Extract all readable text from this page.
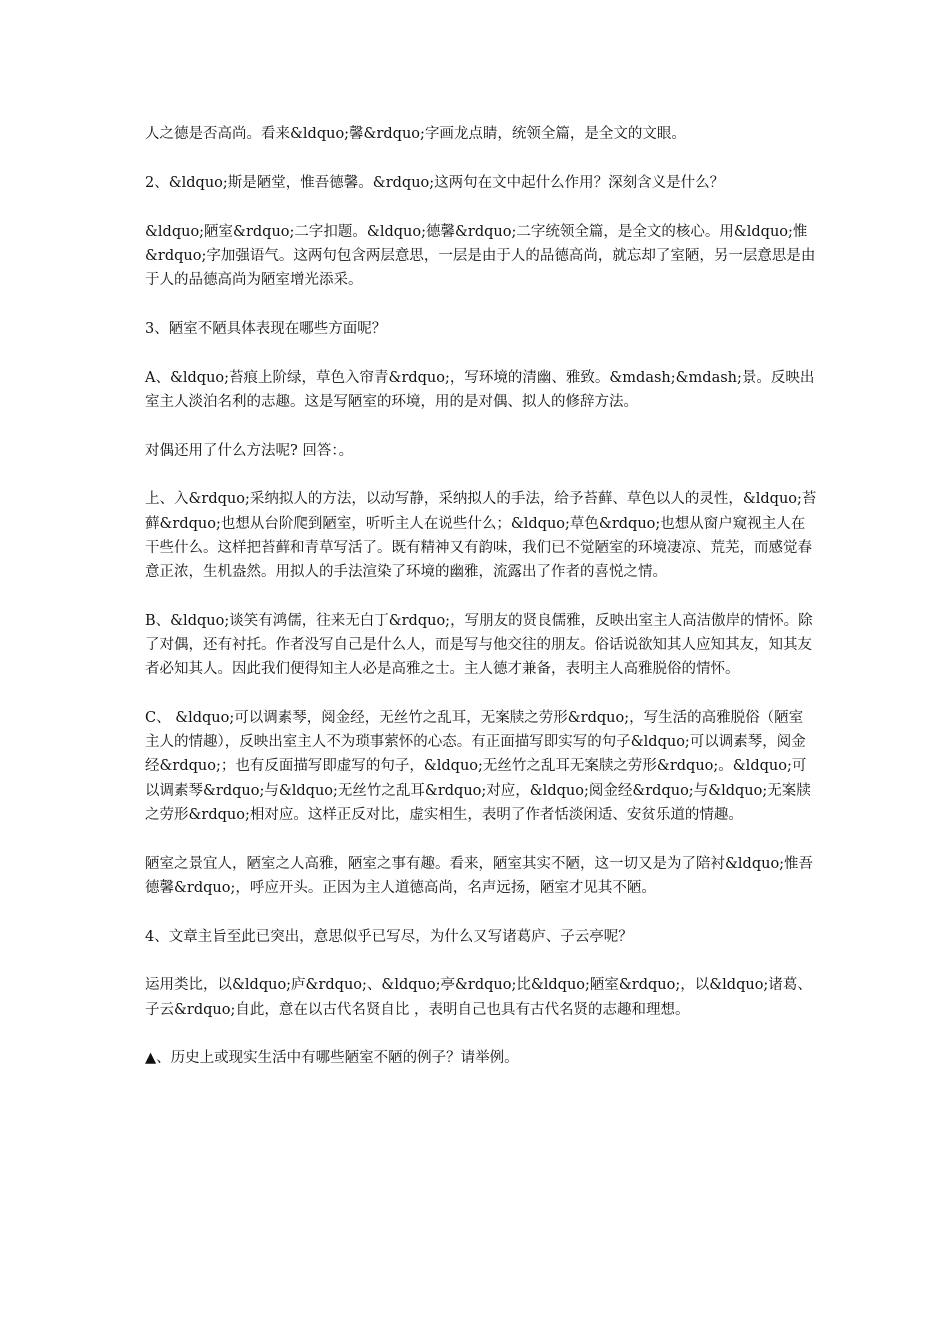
人之德是否高尚。看来&ldquo;馨&rdquo;字画龙点睛，统领全篇，是全文的文眼。

2、&ldquo;斯是陋堂，惟吾德馨。&rdquo;这两句在文中起什么作用？深刻含义是什么？

&ldquo;陋室&rdquo;二字扣题。&ldquo;德馨&rdquo;二字统领全篇，是全文的核心。用&ldquo;惟&rdquo;字加强语气。这两句包含两层意思，一层是由于人的品德高尚，就忘却了室陋，另一层意思是由于人的品德高尚为陋室增光添采。

3、陋室不陋具体表现在哪些方面呢？

A、&ldquo;苔痕上阶绿，草色入帘青&rdquo;，写环境的清幽、雅致。&mdash;&mdash;景。反映出室主人淡泊名利的志趣。这是写陋室的环境，用的是对偶、拟人的修辞方法。

对偶还用了什么方法呢? 回答：。

上、入&rdquo;采纳拟人的方法，以动写静，采纳拟人的手法，给予苔藓、草色以人的灵性，&ldquo;苔藓&rdquo;也想从台阶爬到陋室，听听主人在说些什么；&ldquo;草色&rdquo;也想从窗户窥视主人在干些什么。这样把苔藓和青草写活了。既有精神又有韵味，我们已不觉陋室的环境凄凉、荒芜，而感觉春意正浓，生机盎然。用拟人的手法渲染了环境的幽雅，流露出了作者的喜悦之情。

B、&ldquo;谈笑有鸿儒，往来无白丁&rdquo;，写朋友的贤良儒雅，反映出室主人高洁傲岸的情怀。除了对偶，还有衬托。作者没写自己是什么人，而是写与他交往的朋友。俗话说欲知其人应知其友，知其友者必知其人。因此我们便得知主人必是高雅之士。主人德才兼备，表明主人高雅脱俗的情怀。

C、 &ldquo;可以调素琴，阅金经，无丝竹之乱耳，无案牍之劳形&rdquo;，写生活的高雅脱俗（陋室主人的情趣），反映出室主人不为琐事萦怀的心态。有正面描写即实写的句子&ldquo;可以调素琴，阅金经&rdquo;；也有反面描写即虚写的句子，&ldquo;无丝竹之乱耳无案牍之劳形&rdquo;。&ldquo;可以调素琴&rdquo;与&ldquo;无丝竹之乱耳&rdquo;对应，&ldquo;阅金经&rdquo;与&ldquo;无案牍之劳形&rdquo;相对应。这样正反对比，虚实相生，表明了作者恬淡闲适、安贫乐道的情趣。

陋室之景宜人，陋室之人高雅，陋室之事有趣。看来，陋室其实不陋，这一切又是为了陪衬&ldquo;惟吾德馨&rdquo;，呼应开头。正因为主人道德高尚，名声远扬，陋室才见其不陋。

4、文章主旨至此已突出，意思似乎已写尽，为什么又写诸葛庐、子云亭呢？

运用类比，以&ldquo;庐&rdquo;、&ldquo;亭&rdquo;比&ldquo;陋室&rdquo;，以&ldquo;诸葛、子云&rdquo;自此，意在以古代名贤自比 ，表明自己也具有古代名贤的志趣和理想。

▲、历史上或现实生活中有哪些陋室不陋的例子？请举例。
